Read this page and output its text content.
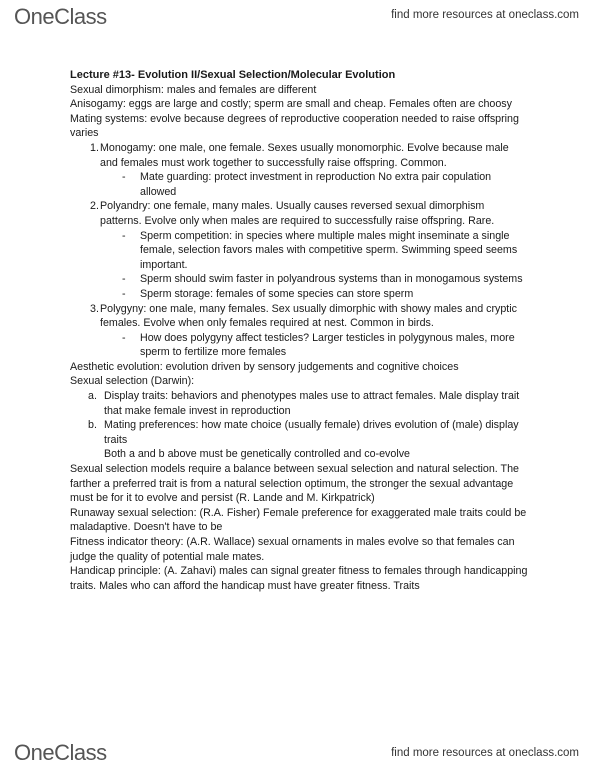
OneClass	find more resources at oneclass.com

Lecture #13- Evolution II/Sexual Selection/Molecular Evolution

Sexual dimorphism: males and females are different

Anisogamy: eggs are large and costly; sperm are small and cheap. Females often are choosy

Mating systems: evolve because degrees of reproductive cooperation needed to raise offspring varies

1. Monogamy: one male, one female. Sexes usually monomorphic. Evolve because male and females must work together to successfully raise offspring. Common.
- Mate guarding: protect investment in reproduction No extra pair copulation allowed
2. Polyandry: one female, many males. Usually causes reversed sexual dimorphism patterns. Evolve only when males are required to successfully raise offspring. Rare.
- Sperm competition: in species where multiple males might inseminate a single female, selection favors males with competitive sperm. Swimming speed seems important.
- Sperm should swim faster in polyandrous systems than in monogamous systems
- Sperm storage: females of some species can store sperm
3. Polygyny: one male, many females. Sex usually dimorphic with showy males and cryptic females. Evolve when only females required at nest. Common in birds.
- How does polygyny affect testicles? Larger testicles in polygynous males, more sperm to fertilize more females

Aesthetic evolution: evolution driven by sensory judgements and cognitive choices

Sexual selection (Darwin):

a. Display traits: behaviors and phenotypes males use to attract females. Male display trait that make female invest in reproduction
b. Mating preferences: how mate choice (usually female) drives evolution of (male) display traits

Both a and b above must be genetically controlled and co-evolve

Sexual selection models require a balance between sexual selection and natural selection. The farther a preferred trait is from a natural selection optimum, the stronger the sexual advantage must be for it to evolve and persist (R. Lande and M. Kirkpatrick)

Runaway sexual selection: (R.A. Fisher) Female preference for exaggerated male traits could be maladaptive. Doesn't have to be

Fitness indicator theory: (A.R. Wallace) sexual ornaments in males evolve so that females can judge the quality of potential male mates.

Handicap principle: (A. Zahavi) males can signal greater fitness to females through handicapping traits. Males who can afford the handicap must have greater fitness. Traits

OneClass	find more resources at oneclass.com
